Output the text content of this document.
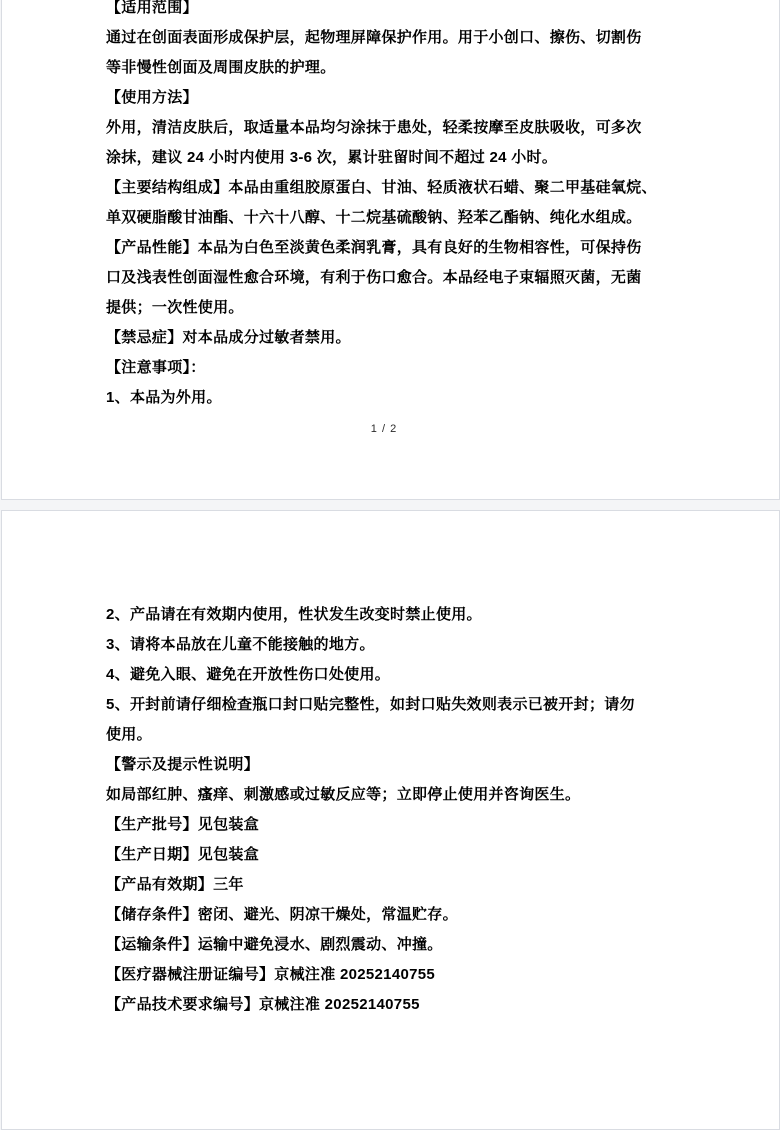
【适用范围】
通过在创面表面形成保护层，起物理屏障保护作用。用于小创口、擦伤、切割伤
等非慢性创面及周围皮肤的护理。
【使用方法】
外用，清洁皮肤后，取适量本品均匀涂抹于患处，轻柔按摩至皮肤吸收，可多次
涂抹，建议 24 小时内使用 3-6 次，累计驻留时间不超过 24 小时。
【主要结构组成】本品由重组胶原蛋白、甘油、轻质液状石蜡、聚二甲基硅氧烷、
单双硬脂酸甘油酯、十六十八醇、十二烷基硫酸钠、羟苯乙酯钠、纯化水组成。
【产品性能】本品为白色至淡黄色柔润乳膏，具有良好的生物相容性，可保持伤
口及浅表性创面湿性愈合环境，有利于伤口愈合。本品经电子束辐照灭菌，无菌
提供；一次性使用。
【禁忌症】对本品成分过敏者禁用。
【注意事项】：
1、本品为外用。
1 / 2
2、产品请在有效期内使用，性状发生改变时禁止使用。
3、请将本品放在儿童不能接触的地方。
4、避免入眼、避免在开放性伤口处使用。
5、开封前请仔细检查瓶口封口贴完整性，如封口贴失效则表示已被开封；请勿
使用。
【警示及提示性说明】
如局部红肿、瘙痒、刺激感或过敏反应等；立即停止使用并咨询医生。
【生产批号】见包装盒
【生产日期】见包装盒
【产品有效期】三年
【储存条件】密闭、避光、阴凉干燥处，常温贮存。
【运输条件】运输中避免浸水、剧烈震动、冲撞。
【医疗器械注册证编号】京械注准 20252140755
【产品技术要求编号】京械注准 20252140755
